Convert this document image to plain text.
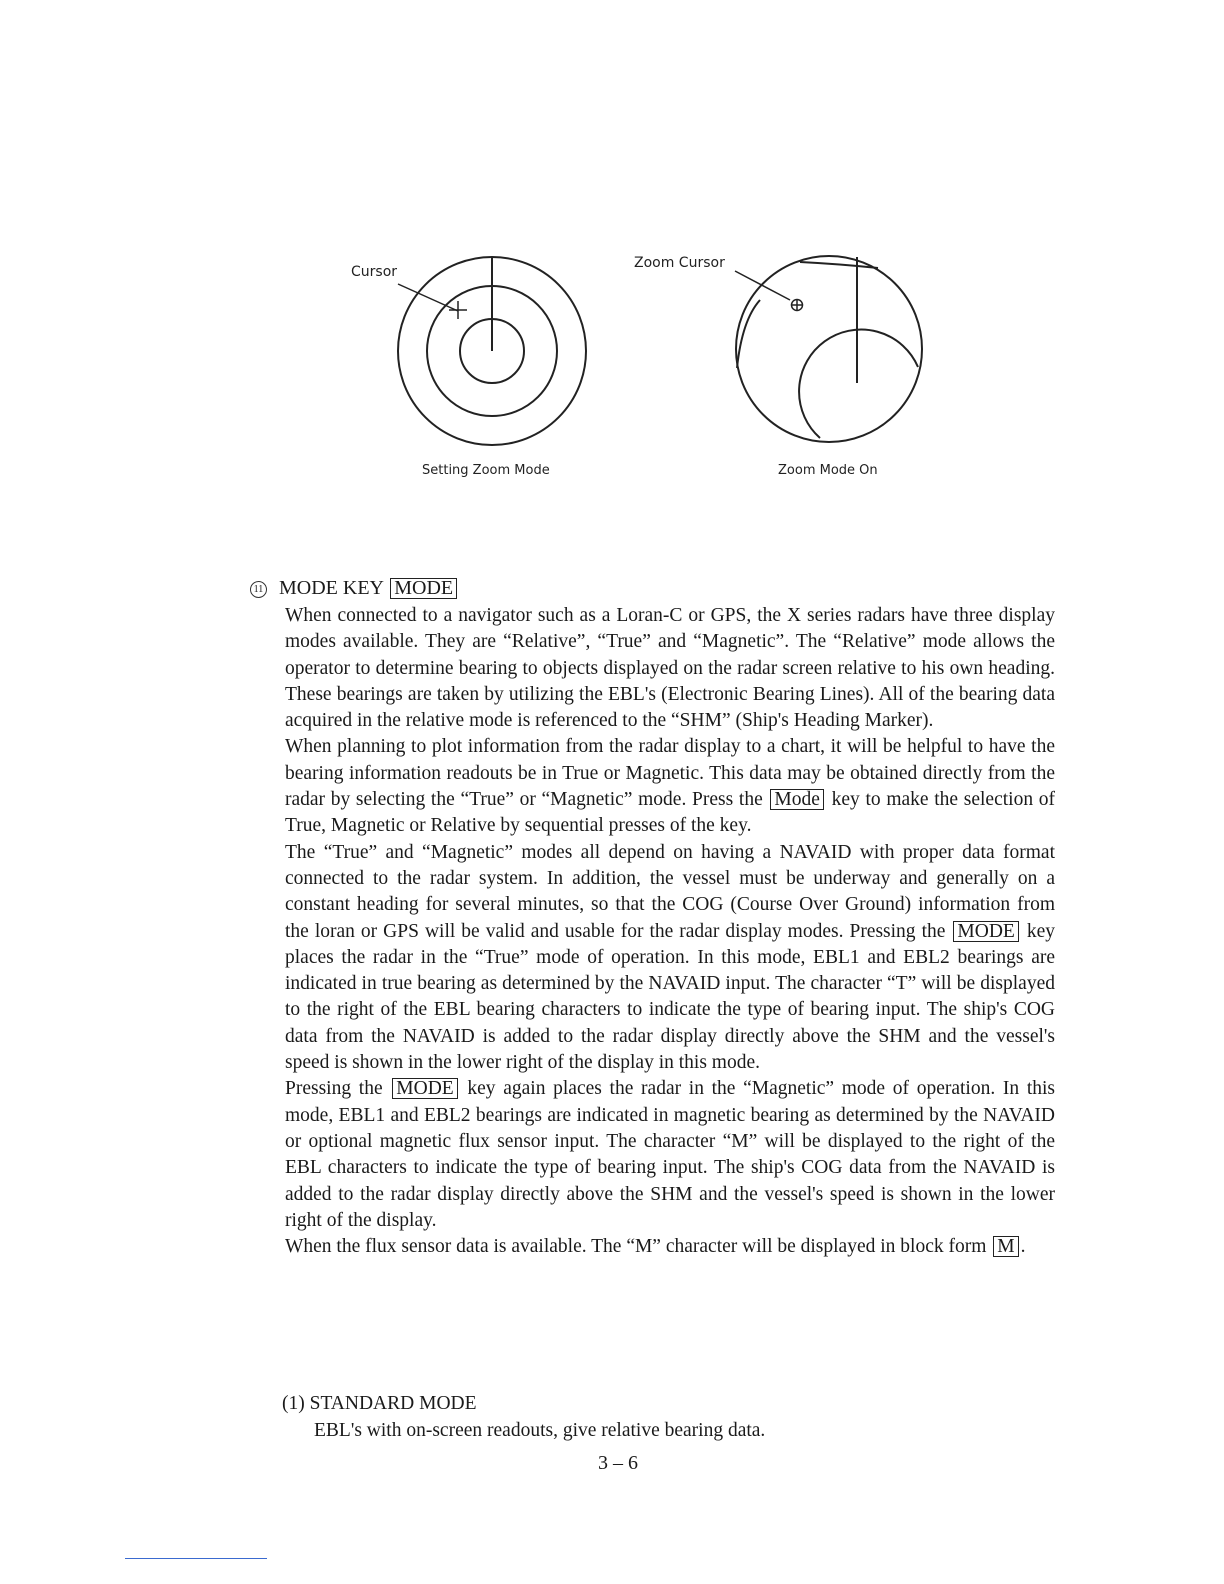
Cursor
Zoom Cursor
Setting Zoom Mode	Zoom Mode On
11 MODE KEY MODE

When connected to a navigator such as a Loran-C or GPS, the X series radars have three display modes available. They are “Relative”, “True” and “Magnetic”. The “Relative” mode allows the operator to determine bearing to objects displayed on the radar screen relative to his own heading. These bearings are taken by utilizing the EBL's (Electronic Bearing Lines). All of the bearing data acquired in the relative mode is referenced to the “SHM” (Ship's Heading Marker).

When planning to plot information from the radar display to a chart, it will be helpful to have the bearing information readouts be in True or Magnetic. This data may be obtained directly from the radar by selecting the “True” or “Magnetic” mode. Press the Mode key to make the selection of True, Magnetic or Relative by sequential presses of the key.

The “True” and “Magnetic” modes all depend on having a NAVAID with proper data format connected to the radar system. In addition, the vessel must be underway and generally on a constant heading for several minutes, so that the COG (Course Over Ground) information from the loran or GPS will be valid and usable for the radar display modes. Pressing the MODE key places the radar in the “True” mode of operation. In this mode, EBL1 and EBL2 bearings are indicated in true bearing as determined by the NAVAID input. The character “T” will be displayed to the right of the EBL bearing characters to indicate the type of bearing input. The ship's COG data from the NAVAID is added to the radar display directly above the SHM and the vessel's speed is shown in the lower right of the display in this mode.

Pressing the MODE key again places the radar in the “Magnetic” mode of operation. In this mode, EBL1 and EBL2 bearings are indicated in magnetic bearing as determined by the NAVAID or optional magnetic flux sensor input. The character “M” will be displayed to the right of the EBL characters to indicate the type of bearing input. The ship's COG data from the NAVAID is added to the radar display directly above the SHM and the vessel's speed is shown in the lower right of the display.

When the flux sensor data is available. The “M” character will be displayed in block form M .

(1) STANDARD MODE
EBL's with on-screen readouts, give relative bearing data.
3 – 6
